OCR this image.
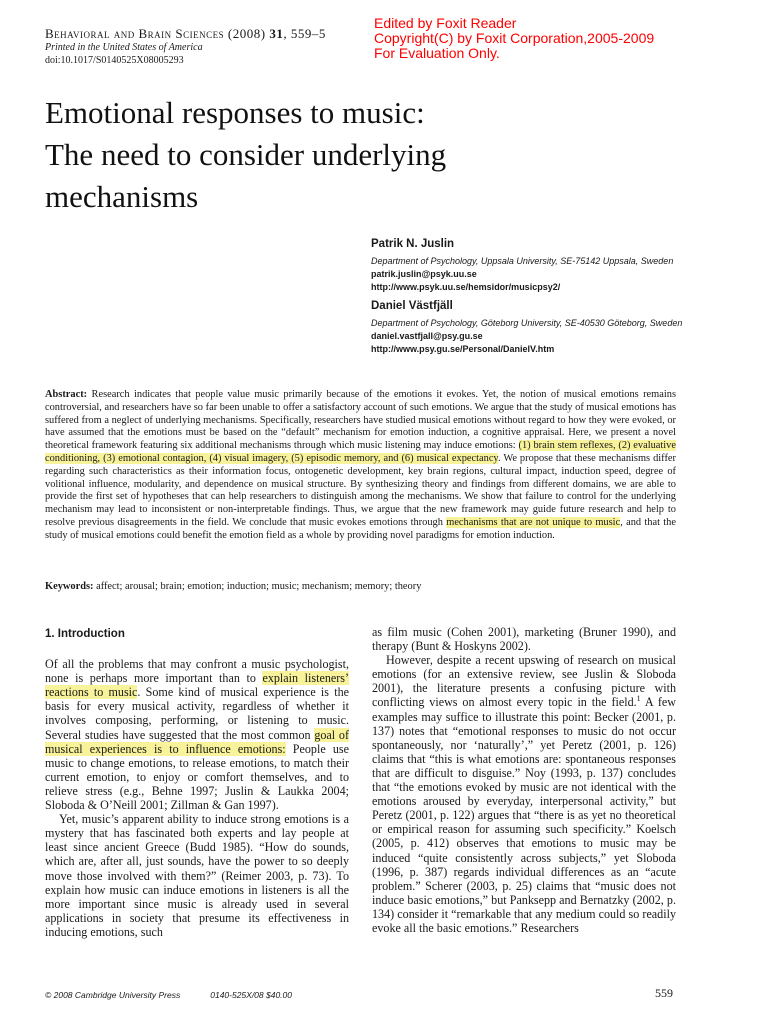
Behavioral and Brain Sciences (2008) 31, 559–5
Printed in the United States of America
doi:10.1017/S0140525X08005293
Edited by Foxit Reader
Copyright(C) by Foxit Corporation,2005-2009
For Evaluation Only.
Emotional responses to music:
The need to consider underlying
mechanisms
Patrik N. Juslin
Department of Psychology, Uppsala University, SE-75142 Uppsala, Sweden
patrik.juslin@psyk.uu.se
http://www.psyk.uu.se/hemsidor/musicpsy2/
Daniel Västfjäll
Department of Psychology, Göteborg University, SE-40530 Göteborg, Sweden
daniel.vastfjall@psy.gu.se
http://www.psy.gu.se/Personal/DanielV.htm
Abstract: Research indicates that people value music primarily because of the emotions it evokes. Yet, the notion of musical emotions remains controversial, and researchers have so far been unable to offer a satisfactory account of such emotions. We argue that the study of musical emotions has suffered from a neglect of underlying mechanisms. Specifically, researchers have studied musical emotions without regard to how they were evoked, or have assumed that the emotions must be based on the “default” mechanism for emotion induction, a cognitive appraisal. Here, we present a novel theoretical framework featuring six additional mechanisms through which music listening may induce emotions: (1) brain stem reflexes, (2) evaluative conditioning, (3) emotional contagion, (4) visual imagery, (5) episodic memory, and (6) musical expectancy. We propose that these mechanisms differ regarding such characteristics as their information focus, ontogenetic development, key brain regions, cultural impact, induction speed, degree of volitional influence, modularity, and dependence on musical structure. By synthesizing theory and findings from different domains, we are able to provide the first set of hypotheses that can help researchers to distinguish among the mechanisms. We show that failure to control for the underlying mechanism may lead to inconsistent or non-interpretable findings. Thus, we argue that the new framework may guide future research and help to resolve previous disagreements in the field. We conclude that music evokes emotions through mechanisms that are not unique to music, and that the study of musical emotions could benefit the emotion field as a whole by providing novel paradigms for emotion induction.
Keywords: affect; arousal; brain; emotion; induction; music; mechanism; memory; theory
1. Introduction

Of all the problems that may confront a music psychologist, none is perhaps more important than to explain listeners’ reactions to music. Some kind of musical experience is the basis for every musical activity, regardless of whether it involves composing, performing, or listening to music. Several studies have suggested that the most common goal of musical experiences is to influence emotions: People use music to change emotions, to release emotions, to match their current emotion, to enjoy or comfort themselves, and to relieve stress (e.g., Behne 1997; Juslin & Laukka 2004; Sloboda & O’Neill 2001; Zillman & Gan 1997).

Yet, music’s apparent ability to induce strong emotions is a mystery that has fascinated both experts and lay people at least since ancient Greece (Budd 1985). “How do sounds, which are, after all, just sounds, have the power to so deeply move those involved with them?” (Reimer 2003, p. 73). To explain how music can induce emotions in listeners is all the more important since music is already used in several applications in society that presume its effectiveness in inducing emotions, such

as film music (Cohen 2001), marketing (Bruner 1990), and therapy (Bunt & Hoskyns 2002).

However, despite a recent upswing of research on musical emotions (for an extensive review, see Juslin & Sloboda 2001), the literature presents a confusing picture with conflicting views on almost every topic in the field.$^1$ A few examples may suffice to illustrate this point: Becker (2001, p. 137) notes that “emotional responses to music do not occur spontaneously, nor ‘naturally’,” yet Peretz (2001, p. 126) claims that “this is what emotions are: spontaneous responses that are difficult to disguise.” Noy (1993, p. 137) concludes that “the emotions evoked by music are not identical with the emotions aroused by everyday, interpersonal activity,” but Peretz (2001, p. 122) argues that “there is as yet no theoretical or empirical reason for assuming such specificity.” Koelsch (2005, p. 412) observes that emotions to music may be induced “quite consistently across subjects,” yet Sloboda (1996, p. 387) regards individual differences as an “acute problem.” Scherer (2003, p. 25) claims that “music does not induce basic emotions,” but Panksepp and Bernatzky (2002, p. 134) consider it “remarkable that any medium could so readily evoke all the basic emotions.” Researchers

© 2008 Cambridge University Press	0140-525X/08 $40.00	559
